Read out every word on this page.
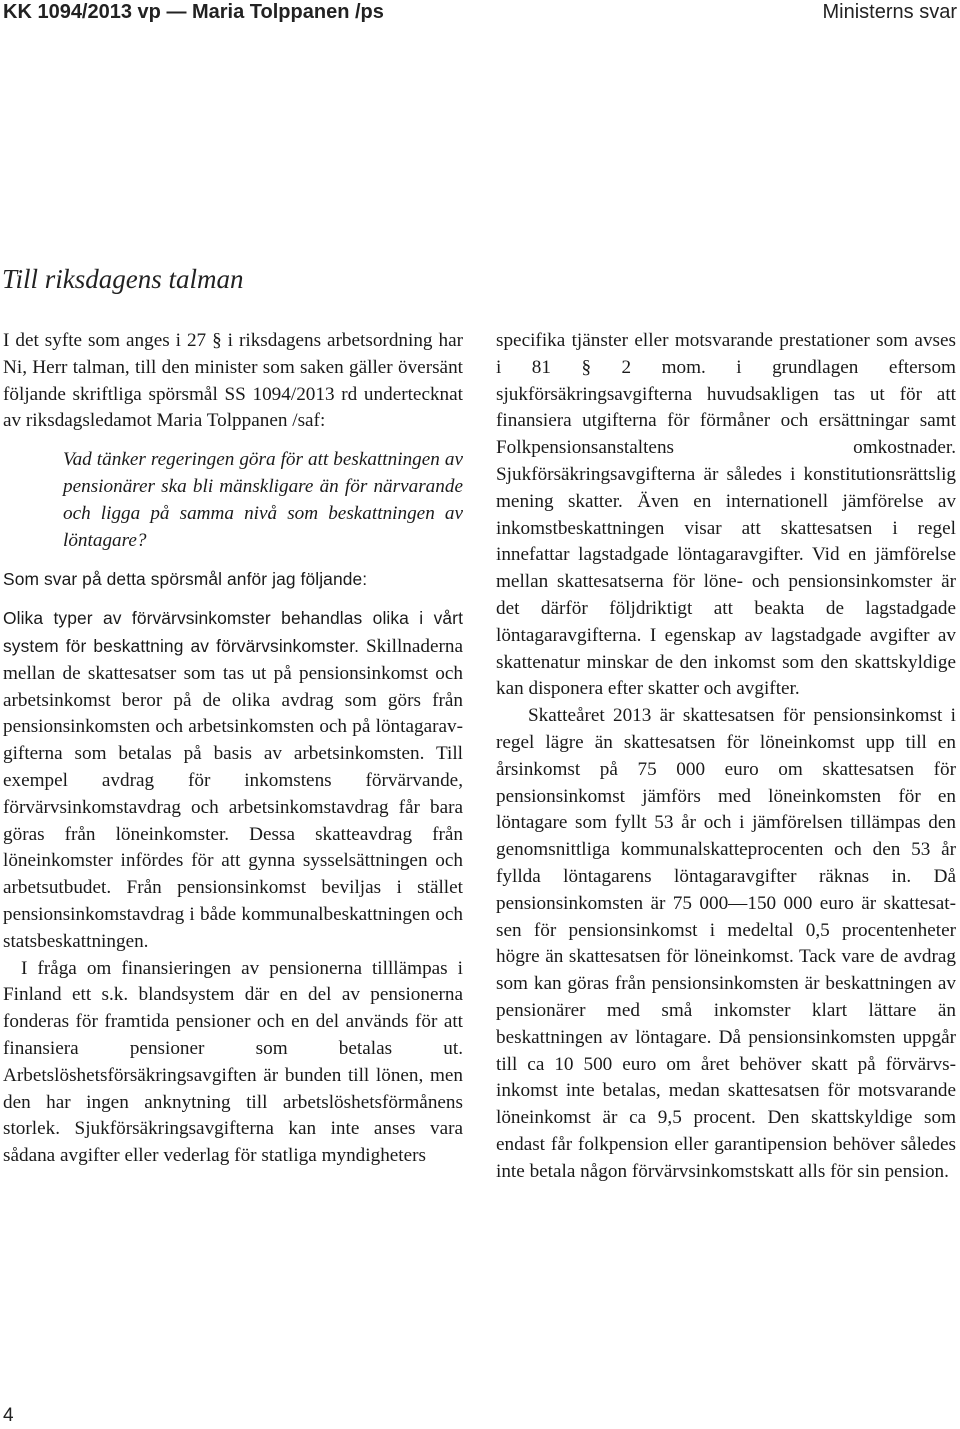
KK 1094/2013 vp — Maria Tolppanen /ps	Ministerns svar
Till riksdagens talman

I det syfte som anges i 27 § i riksdagens arbetsordning har Ni, Herr talman, till den minister som saken gäller översänt följande skriftliga spörsmål SS 1094/2013 rd undertecknat av riksdagsledamot Maria Tolppanen /saf:

Vad tänker regeringen göra för att beskattningen av pensionärer ska bli mänskligare än för närvarande och ligga på samma nivå som beskattningen av löntagare?

Som svar på detta spörsmål anför jag följande:

Olika typer av förvärvsinkomster behandlas olika i vårt system för beskattning av förvärvsinkomster. Skillnaderna mellan de skattesatser som tas ut på pensionsinkomst och arbetsinkomst beror på de olika avdrag som görs från pensionsinkomsten och arbetsinkomsten och på löntagaravgifterna som betalas på basis av arbetsinkomsten. Till exempel avdrag för inkomstens förvärvande, förvärvsinkomstavdrag och arbetsinkomstavdrag får bara göras från löneinkomster. Dessa skatteavdrag från löneinkomster infördes för att gynna sysselsättningen och arbetsutbudet. Från pensionsinkomst beviljas i stället pensionsinkomstavdrag i både kommunalbeskattningen och statsbeskattningen.

I fråga om finansieringen av pensionerna tilllämpas i Finland ett s.k. blandsystem där en del av pensionerna fonderas för framtida pensioner och en del används för att finansiera pensioner som betalas ut. Arbetslöshetsförsäkringsavgiften är bunden till lönen, men den har ingen anknytning till arbetslöshetsförmånens storlek. Sjukförsäkringsavgifterna kan inte anses vara sådana avgifter eller vederlag för statliga myndigheters

specifika tjänster eller motsvarande prestationer som avses i 81 § 2 mom. i grundlagen eftersom sjukförsäkringsavgifterna huvudsakligen tas ut för att finansiera utgifterna för förmåner och ersättningar samt Folkpensionsanstaltens omkostnader. Sjukförsäkringsavgifterna är således i konstitutionsrättslig mening skatter. Även en internationell jämförelse av inkomstbeskattningen visar att skattesatsen i regel innefattar lagstadgade löntagaravgifter. Vid en jämförelse mellan skattesatserna för löne- och pensionsinkomster är det därför följdriktigt att beakta de lagstadgade löntagaravgifterna. I egenskap av lagstadgade avgifter av skattenatur minskar de den inkomst som den skattskyldige kan disponera efter skatter och avgifter.

Skatteåret 2013 är skattesatsen för pensionsinkomst i regel lägre än skattesatsen för löneinkomst upp till en årsinkomst på 75 000 euro om skattesatsen för pensionsinkomst jämförs med löneinkomsten för en löntagare som fyllt 53 år och i jämförelsen tillämpas den genomsnittliga kommunalskatteprocenten och den 53 år fyllda löntagarens löntagaravgifter räknas in. Då pensionsinkomsten är 75 000—150 000 euro är skattesatsen för pensionsinkomst i medeltal 0,5 procentenheter högre än skattesatsen för löneinkomst. Tack vare de avdrag som kan göras från pensionsinkomsten är beskattningen av pensionärer med små inkomster klart lättare än beskattningen av löntagare. Då pensionsinkomsten uppgår till ca 10 500 euro om året behöver skatt på förvärvsinkomst inte betalas, medan skattesatsen för motsvarande löneinkomst är ca 9,5 procent. Den skattskyldige som endast får folkpension eller garantipension behöver således inte betala någon förvärvsinkomstskatt alls för sin pension.

4
